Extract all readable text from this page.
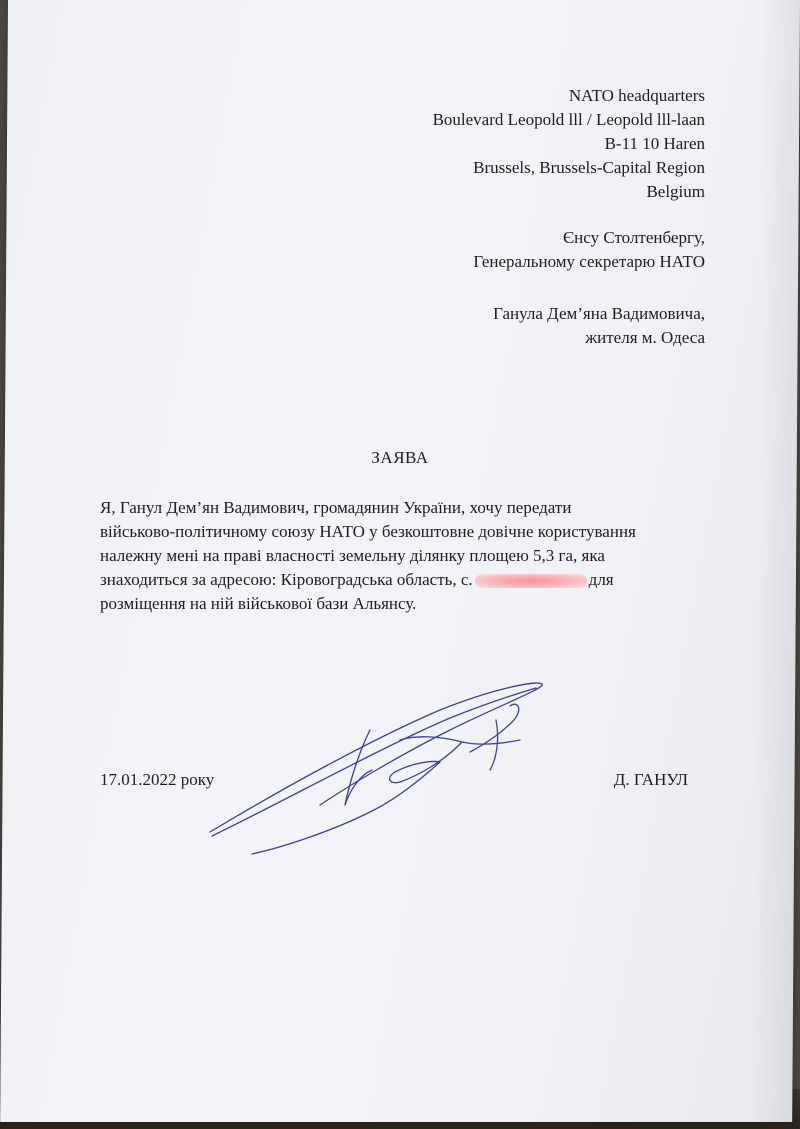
NATO headquarters
Boulevard Leopold lll / Leopold lll-laan
B-11 10 Haren
Brussels, Brussels-Capital Region
Belgium
Єнсу Столтенбергу,
Генеральному секретарю НАТО
Ганула Дем’яна Вадимовича,
жителя м. Одеса
ЗАЯВА
Я, Ганул Дем’ян Вадимович, громадянин України, хочу передати
військово-політичному союзу НАТО у безкоштовне довічне користування
належну мені на праві власності земельну ділянку площею 5,3 га, яка
знаходиться за адресою: Кіровоградська область, с.	для
розміщення на ній військової бази Альянсу.
17.01.2022 року	Д. ГАНУЛ
